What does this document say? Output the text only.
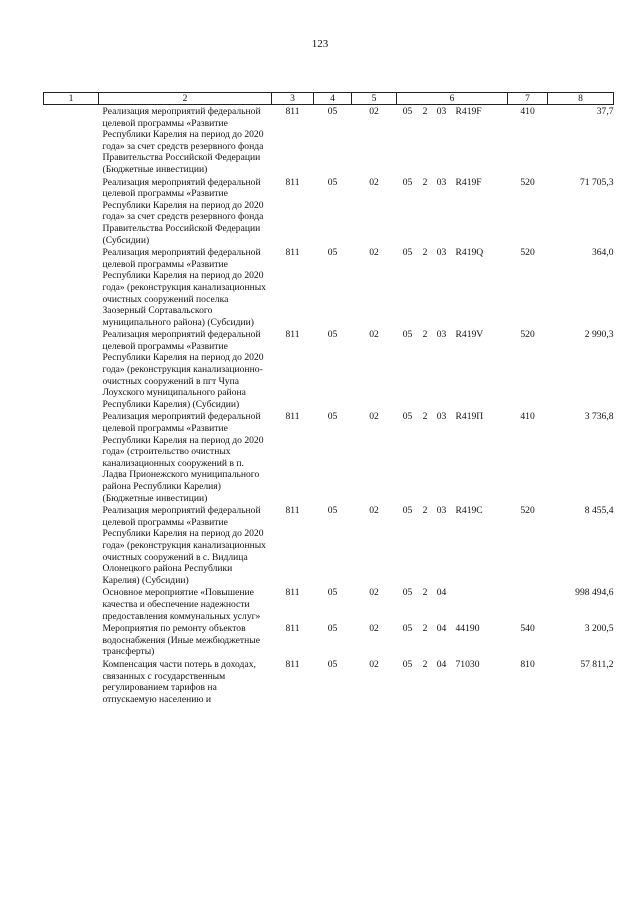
123
1	2	3	4	5	6				7	8
	Реализация мероприятий федеральной целевой программы «Развитие Республики Карелия на период до 2020 года» за счет средств резервного фонда Правительства Российской Федерации (Бюджетные инвестиции)	811	05	02	05	2	03	R419F	410	37,7
	Реализация мероприятий федеральной целевой программы «Развитие Республики Карелия на период до 2020 года» за счет средств резервного фонда Правительства Российской Федерации (Субсидии)	811	05	02	05	2	03	R419F	520	71 705,3
	Реализация мероприятий федеральной целевой программы «Развитие Республики Карелия на период до 2020 года» (реконструкция канализационных очистных сооружений поселка Заозерный Сортавальского муниципального района) (Субсидии)	811	05	02	05	2	03	R419Q	520	364,0
	Реализация мероприятий федеральной целевой программы «Развитие Республики Карелия на период до 2020 года» (реконструкция канализационно-очистных сооружений в пгт Чупа Лоухского муниципального района Республики Карелия) (Субсидии)	811	05	02	05	2	03	R419V	520	2 990,3
	Реализация мероприятий федеральной целевой программы «Развитие Республики Карелия на период до 2020 года» (строительство очистных канализационных сооружений в п. Ладва Прионежского муниципального района Республики Карелия) (Бюджетные инвестиции)	811	05	02	05	2	03	R419П	410	3 736,8
	Реализация мероприятий федеральной целевой программы «Развитие Республики Карелия на период до 2020 года» (реконструкция канализационных очистных сооружений в с. Видлица Олонецкого района Республики Карелия) (Субсидии)	811	05	02	05	2	03	R419C	520	8 455,4
	Основное мероприятие «Повышение качества и обеспечение надежности предоставления коммунальных услуг»	811	05	02	05	2	04			998 494,6
	Мероприятия по ремонту объектов водоснабжения (Иные межбюджетные трансферты)	811	05	02	05	2	04	44190	540	3 200,5
	Компенсация части потерь в доходах, связанных с государственным регулированием тарифов на отпускаемую населению и	811	05	02	05	2	04	71030	810	57 811,2
